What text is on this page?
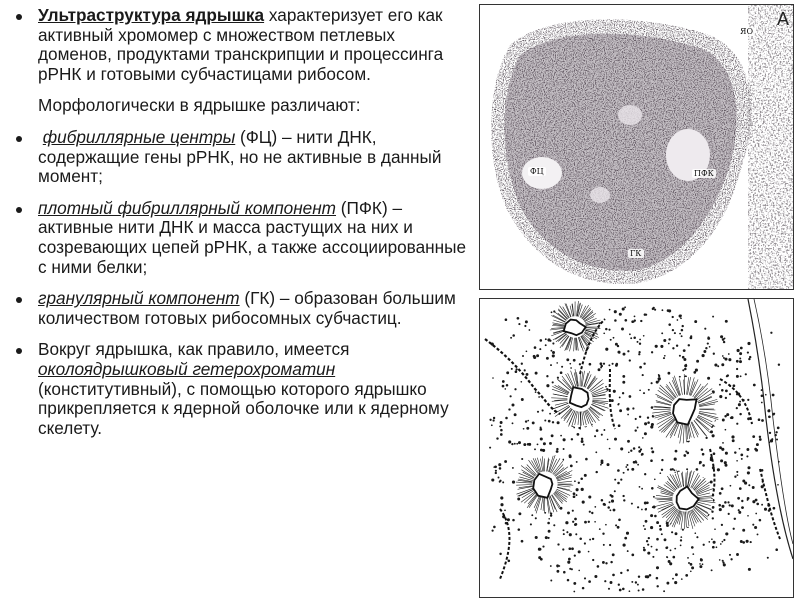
Ультраструктура ядрышка характеризует его как активный хромомер с множеством петлевых доменов, продуктами транскрипции и процессинга рРНК и готовыми субчастицами рибосом.

Морфологически в ядрышке различают:

фибриллярные центры (ФЦ) – нити ДНК, содержащие гены рРНК, но не активные в данный момент;

плотный фибриллярный компонент (ПФК) – активные нити ДНК и масса растущих на них и созревающих цепей рРНК, а также ассоциированные с ними белки;

гранулярный компонент (ГК) – образован большим количеством готовых рибосомных субчастиц.

Вокруг ядрышка, как правило, имеется околоядрышковый гетерохроматин (конститутивный), с помощью которого ядрышко прикрепляется к ядерной оболочке или к ядерному скелету.

А
ЯО
ФЦ	ПФК
ГК
